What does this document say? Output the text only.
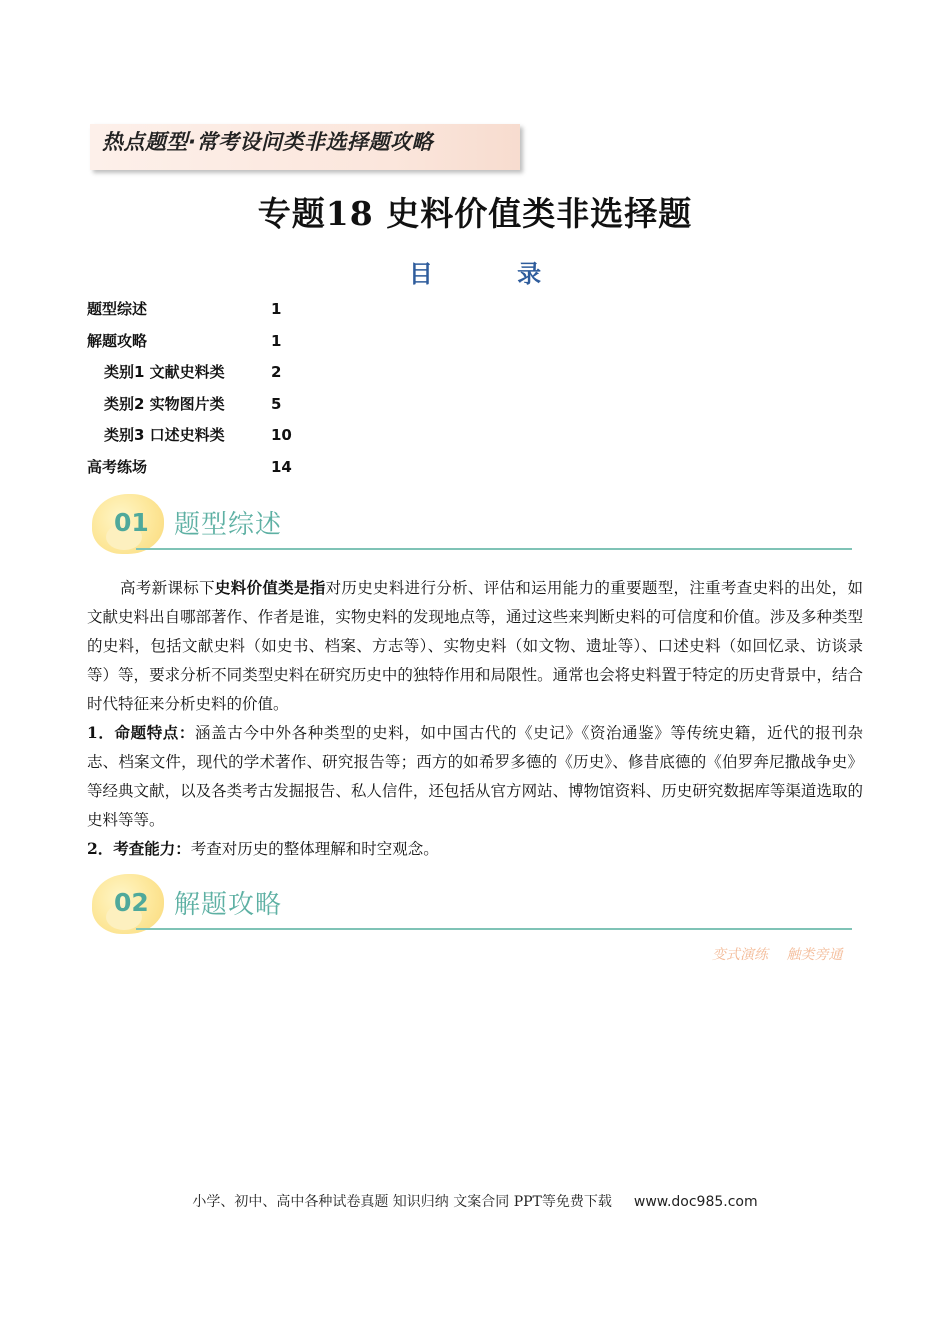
热点题型·常考设问类非选择题攻略
专题18 史料价值类非选择题
目 录
题型综述	1
解题攻略	1
类别1 文献史料类	2
类别2 实物图片类	5
类别3 口述史料类	10
高考练场	14
01 题型综述
高考新课标下史料价值类是指对历史史料进行分析、评估和运用能力的重要题型，注重考查史料的出处，如文献史料出自哪部著作、作者是谁，实物史料的发现地点等，通过这些来判断史料的可信度和价值。涉及多种类型的史料，包括文献史料（如史书、档案、方志等）、实物史料（如文物、遗址等）、口述史料（如回忆录、访谈录等）等，要求分析不同类型史料在研究历史中的独特作用和局限性。通常也会将史料置于特定的历史背景中，结合时代特征来分析史料的价值。
1．命题特点：涵盖古今中外各种类型的史料，如中国古代的《史记》《资治通鉴》等传统史籍，近代的报刊杂志、档案文件，现代的学术著作、研究报告等；西方的如希罗多德的《历史》、修昔底德的《伯罗奔尼撒战争史》等经典文献，以及各类考古发掘报告、私人信件，还包括从官方网站、博物馆资料、历史研究数据库等渠道选取的史料等等。
2．考查能力：考查对历史的整体理解和时空观念。
02 解题攻略
变式演练 触类旁通
小学、初中、高中各种试卷真题 知识归纳 文案合同 PPT等免费下载 www.doc985.com
